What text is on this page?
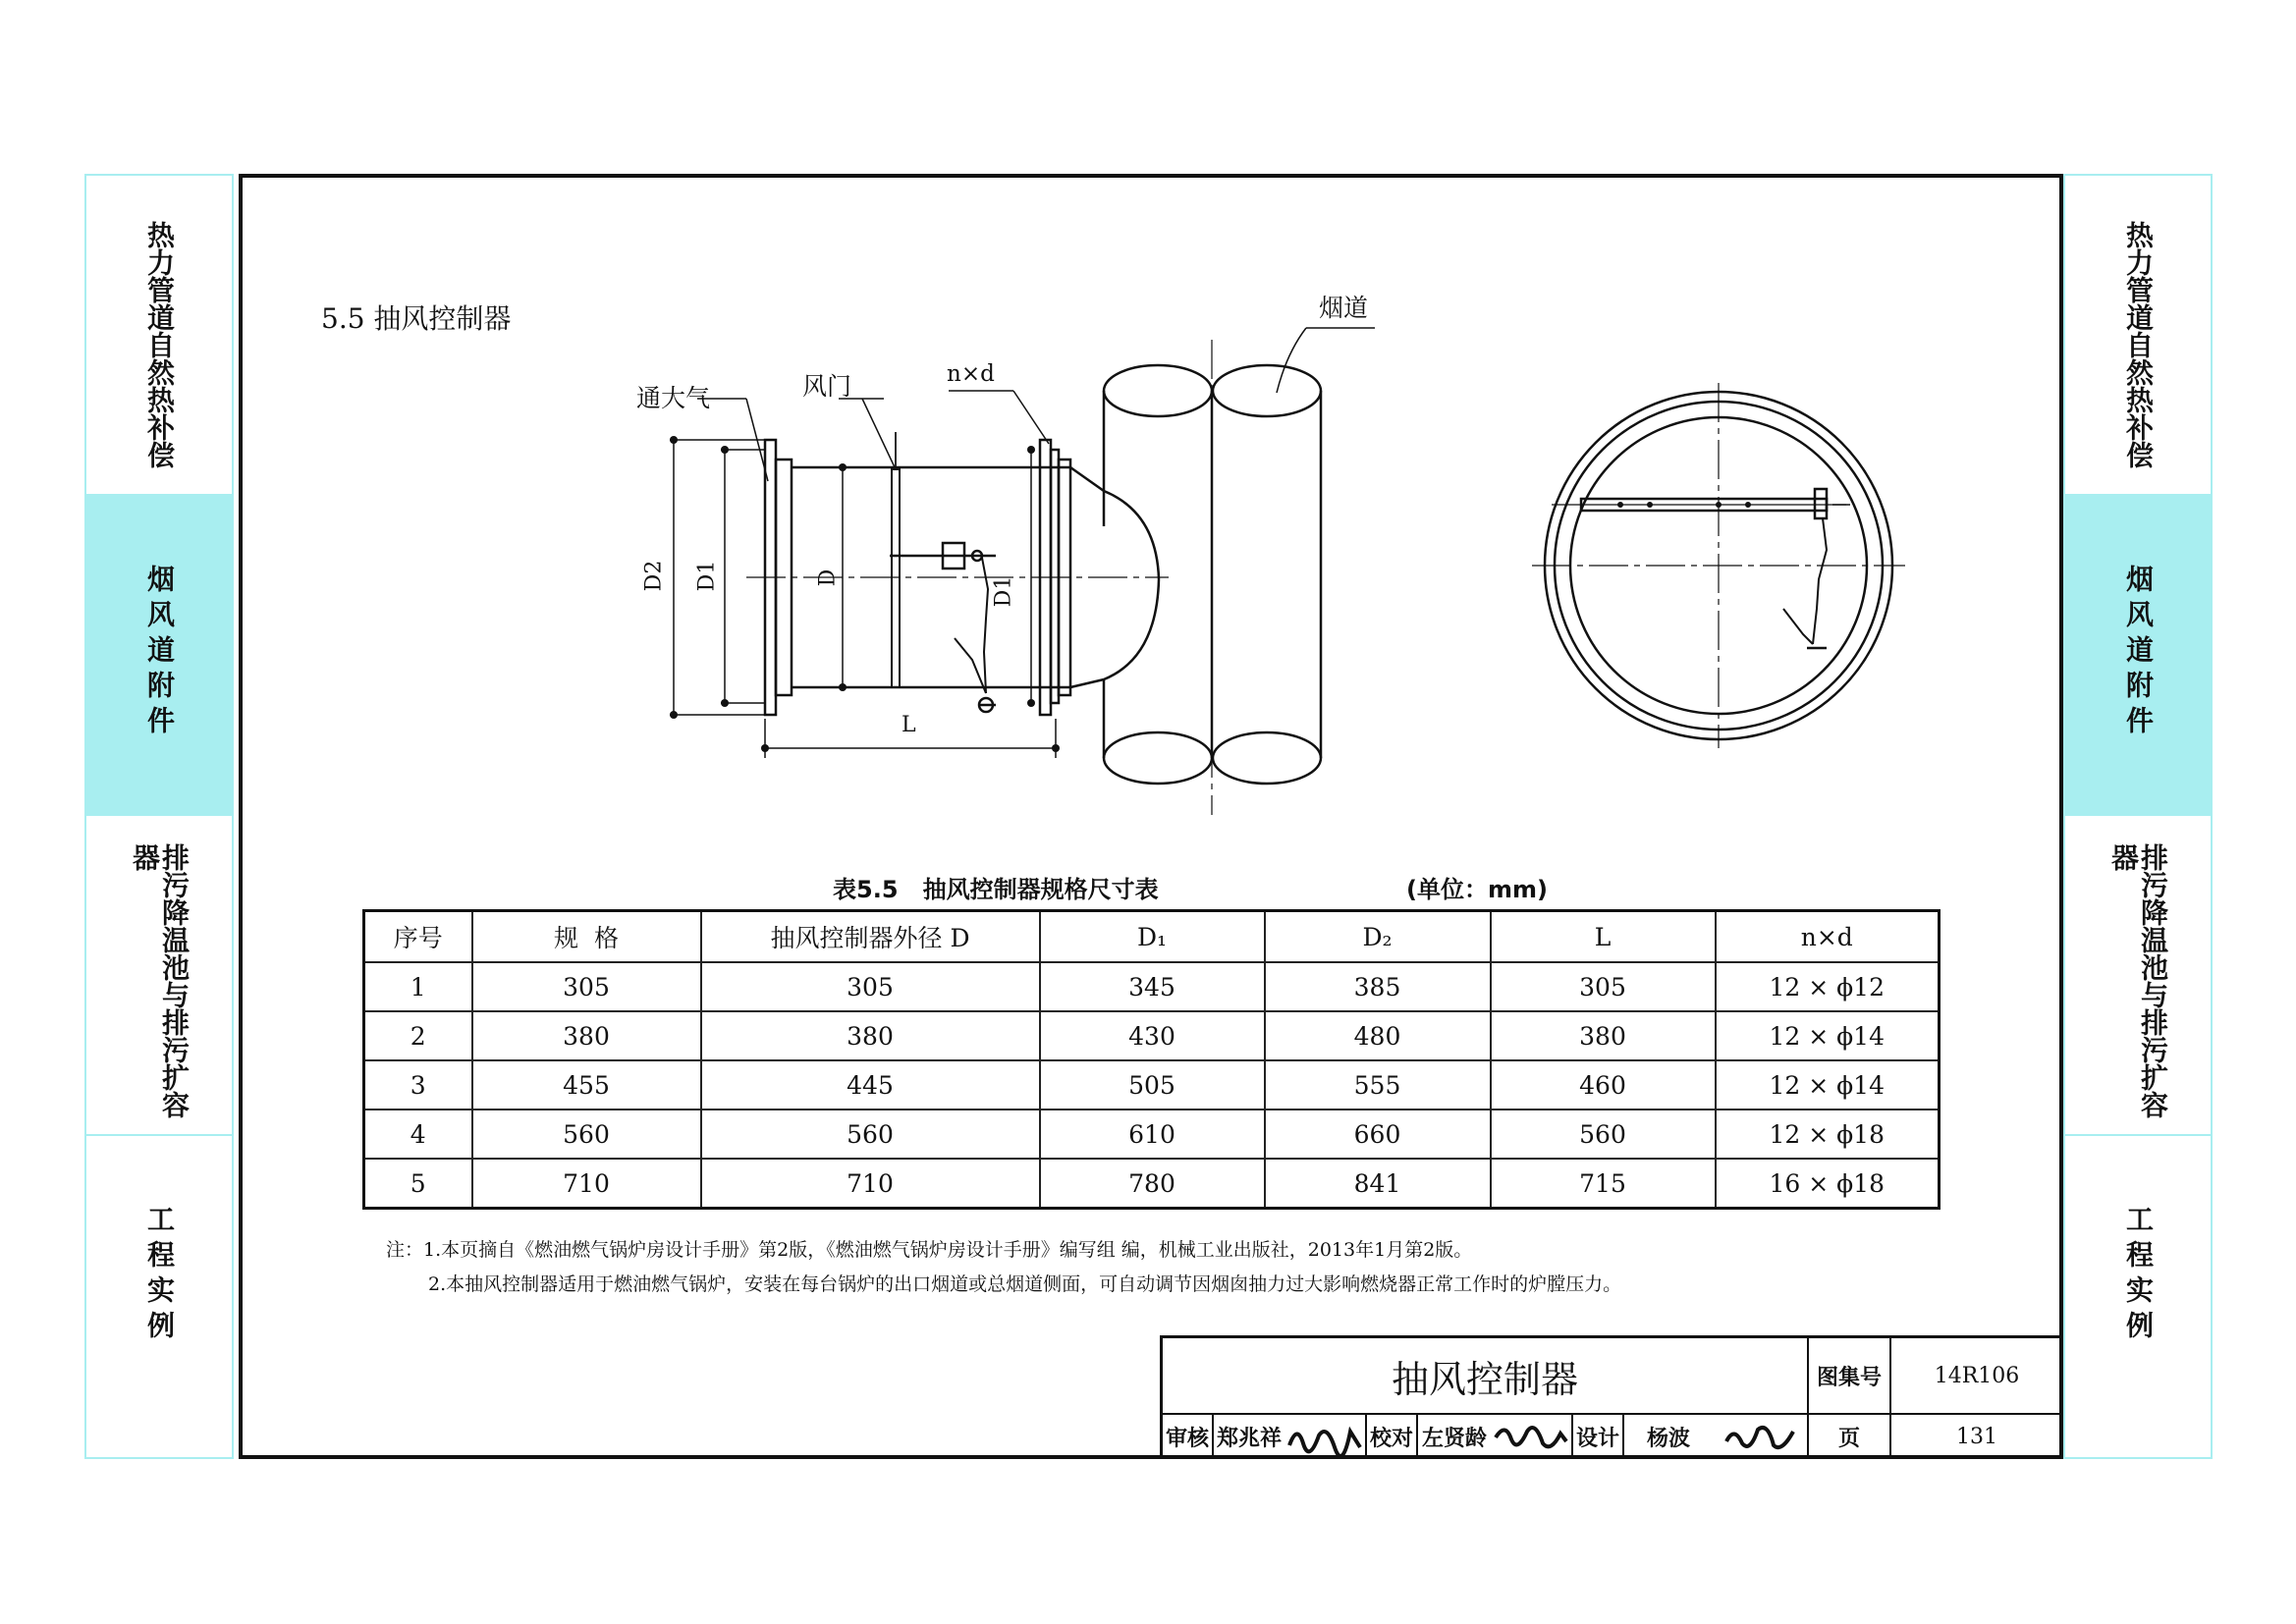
热力管道自然热补偿
烟风道附件
排污降温池与排污扩容器
工程实例
热力管道自然热补偿
烟风道附件
排污降温池与排污扩容器
工程实例
5.5 抽风控制器	烟道
通大气	风门	n×d
D2 D1	D	D1
L
表5.5   抽风控制器规格尺寸表	(单位：mm)
序号	规  格	抽风控制器外径 D	D₁	D₂	L	n×d
1	305	305	345	385	305	12 × ϕ12
2	380	380	430	480	380	12 × ϕ14
3	455	445	505	555	460	12 × ϕ14
4	560	560	610	660	560	12 × ϕ18
5	710	710	780	841	715	16 × ϕ18
注：1.本页摘自《燃油燃气锅炉房设计手册》第2版，《燃油燃气锅炉房设计手册》编写组 编，机械工业出版社，2013年1月第2版。
2.本抽风控制器适用于燃油燃气锅炉，安装在每台锅炉的出口烟道或总烟道侧面，可自动调节因烟囱抽力过大影响燃烧器正常工作时的炉膛压力。
抽风控制器	图集号	14R106
审核 郑兆祥	校对 左贤龄	设计	杨波	页	131
